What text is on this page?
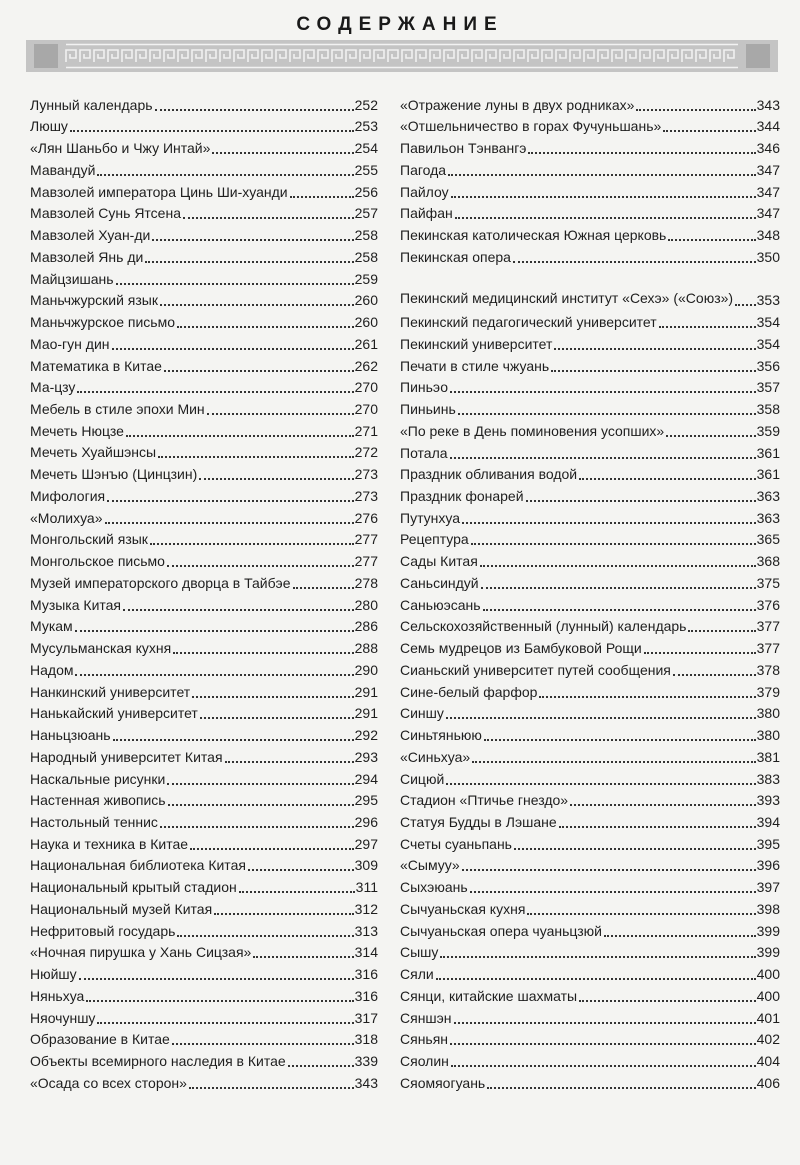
СОДЕРЖАНИЕ
Лунный календарь	252
Люшу	253
«Лян Шаньбо и Чжу Интай»	254
Мавандуй	255
Мавзолей императора Цинь Ши-хуанди	256
Мавзолей Сунь Ятсена	257
Мавзолей Хуан-ди	258
Мавзолей Янь ди	258
Майцзишань	259
Маньчжурский язык	260
Маньчжурское письмо	260
Мао-гун дин	261
Математика в Китае	262
Ма-цзу	270
Мебель в стиле эпохи Мин	270
Мечеть Нюцзе	271
Мечеть Хуайшэнсы	272
Мечеть Шэнъю (Цинцзин)	273
Мифология	273
«Молихуа»	276
Монгольский язык	277
Монгольское письмо	277
Музей императорского дворца в Тайбэе	278
Музыка Китая	280
Мукам	286
Мусульманская кухня	288
Надом	290
Нанкинский университет	291
Нанькайский университет	291
Наньцзюань	292
Народный университет Китая	293
Наскальные рисунки	294
Настенная живопись	295
Настольный теннис	296
Наука и техника в Китае	297
Национальная библиотека Китая	309
Национальный крытый стадион	311
Национальный музей Китая	312
Нефритовый государь	313
«Ночная пирушка у Хань Сицзая»	314
Нюйшу	316
Няньхуа	316
Няочуншу	317
Образование в Китае	318
Объекты всемирного наследия в Китае	339
«Осада со всех сторон»	343
«Отражение луны в двух родниках»	343
«Отшельничество в горах Фучуньшань»	344
Павильон Тэнвангэ	346
Пагода	347
Пайлоу	347
Пайфан	347
Пекинская католическая Южная церковь	348
Пекинская опера	350
Пекинский медицинский институт «Сехэ» («Союз») 353
Пекинский педагогический университет	354
Пекинский университет	354
Печати в стиле чжуань	356
Пиньэо	357
Пиньинь	358
«По реке в День поминовения усопших»	359
Потала	361
Праздник обливания водой	361
Праздник фонарей	363
Путунхуа	363
Рецептура	365
Сады Китая	368
Саньсиндуй	375
Саньюэсань	376
Сельскохозяйственный (лунный) календарь	377
Семь мудрецов из Бамбуковой Рощи	377
Сианьский университет путей сообщения	378
Сине-белый фарфор	379
Синшу	380
Синьтяньюю	380
«Синьхуа»	381
Сицюй	383
Стадион «Птичье гнездо»	393
Статуя Будды в Лэшане	394
Счеты суаньпань	395
«Сымуу»	396
Сыхэюань	397
Сычуаньская кухня	398
Сычуаньская опера чуаньцзюй	399
Сышу	399
Сяли	400
Сянци, китайские шахматы	400
Сяншэн	401
Сяньян	402
Сяолин	404
Сяомяогуань	406
